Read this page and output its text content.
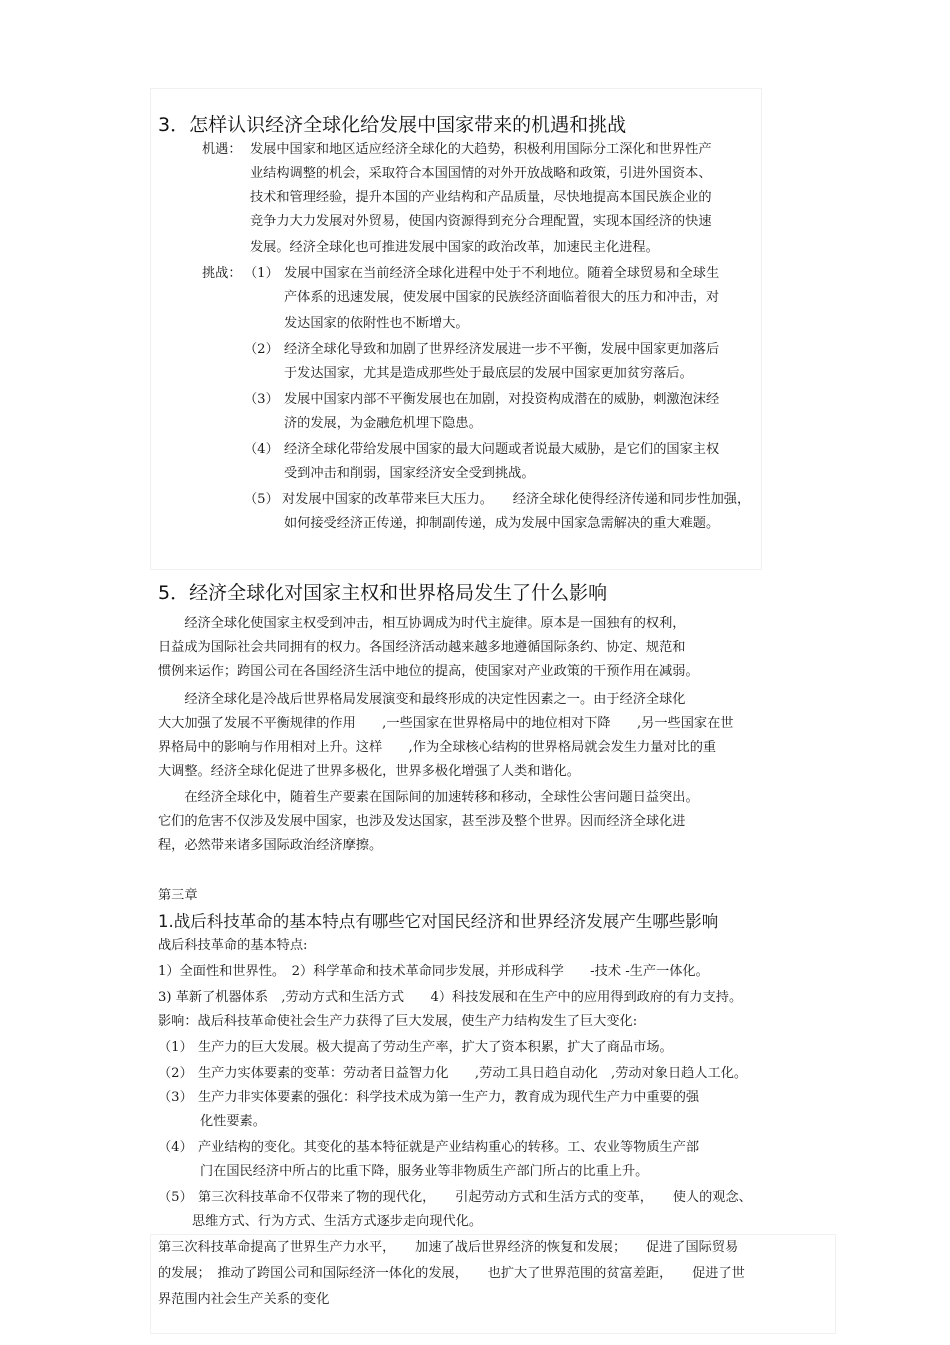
3．怎样认识经济全球化给发展中国家带来的机遇和挑战
机遇： 发展中国家和地区适应经济全球化的大趋势，积极利用国际分工深化和世界性产
业结构调整的机会，采取符合本国国情的对外开放战略和政策，引进外国资本、
技术和管理经验，提升本国的产业结构和产品质量，尽快地提高本国民族企业的
竞争力大力发展对外贸易，使国内资源得到充分合理配置，实现本国经济的快速
发展。经济全球化也可推进发展中国家的政治改革，加速民主化进程。
挑战： （1） 发展中国家在当前经济全球化进程中处于不利地位。随着全球贸易和全球生
产体系的迅速发展，使发展中国家的民族经济面临着很大的压力和冲击，对
发达国家的依附性也不断增大。
（2） 经济全球化导致和加剧了世界经济发展进一步不平衡，发展中国家更加落后
于发达国家，尤其是造成那些处于最底层的发展中国家更加贫穷落后。
（3） 发展中国家内部不平衡发展也在加剧，对投资构成潜在的威胁，刺激泡沫经
济的发展，为金融危机埋下隐患。
（4） 经济全球化带给发展中国家的最大问题或者说最大威胁，是它们的国家主权
受到冲击和削弱，国家经济安全受到挑战。
（5） 对发展中国家的改革带来巨大压力。　　经济全球化使得经济传递和同步性加强，
如何接受经济正传递，抑制副传递，成为发展中国家急需解决的重大难题。
5．经济全球化对国家主权和世界格局发生了什么影响
　　经济全球化使国家主权受到冲击，相互协调成为时代主旋律。原本是一国独有的权利，
日益成为国际社会共同拥有的权力。各国经济活动越来越多地遵循国际条约、协定、规范和
惯例来运作；跨国公司在各国经济生活中地位的提高，使国家对产业政策的干预作用在减弱。
　　经济全球化是冷战后世界格局发展演变和最终形成的决定性因素之一。由于经济全球化
大大加强了发展不平衡规律的作用　　,一些国家在世界格局中的地位相对下降　　,另一些国家在世
界格局中的影响与作用相对上升。这样　　,作为全球核心结构的世界格局就会发生力量对比的重
大调整。经济全球化促进了世界多极化，世界多极化增强了人类和谐化。
　　在经济全球化中，随着生产要素在国际间的加速转移和移动，全球性公害问题日益突出。
它们的危害不仅涉及发展中国家，也涉及发达国家，甚至涉及整个世界。因而经济全球化进
程，必然带来诸多国际政治经济摩擦。
第三章
1.战后科技革命的基本特点有哪些它对国民经济和世界经济发展产生哪些影响
战后科技革命的基本特点:
1）全面性和世界性。　2）科学革命和技术革命同步发展，并形成科学　　-技术 -生产一体化。
3) 革新了机器体系　,劳动方式和生活方式　　4）科技发展和在生产中的应用得到政府的有力支持。
影响：战后科技革命使社会生产力获得了巨大发展，使生产力结构发生了巨大变化:
（1） 生产力的巨大发展。极大提高了劳动生产率，扩大了资本积累，扩大了商品市场。
（2） 生产力实体要素的变革：劳动者日益智力化　　,劳动工具日趋自动化　,劳动对象日趋人工化。
（3） 生产力非实体要素的强化：科学技术成为第一生产力，教育成为现代生产力中重要的强
化性要素。
（4） 产业结构的变化。其变化的基本特征就是产业结构重心的转移。工、农业等物质生产部
门在国民经济中所占的比重下降，服务业等非物质生产部门所占的比重上升。
（5） 第三次科技革命不仅带来了物的现代化，　　引起劳动方式和生活方式的变革，　　使人的观念、
思维方式、行为方式、生活方式逐步走向现代化。
第三次科技革命提高了世界生产力水平，　　加速了战后世界经济的恢复和发展；　　促进了国际贸易
的发展；　推动了跨国公司和国际经济一体化的发展，　　也扩大了世界范围的贫富差距，　　促进了世
界范围内社会生产关系的变化
